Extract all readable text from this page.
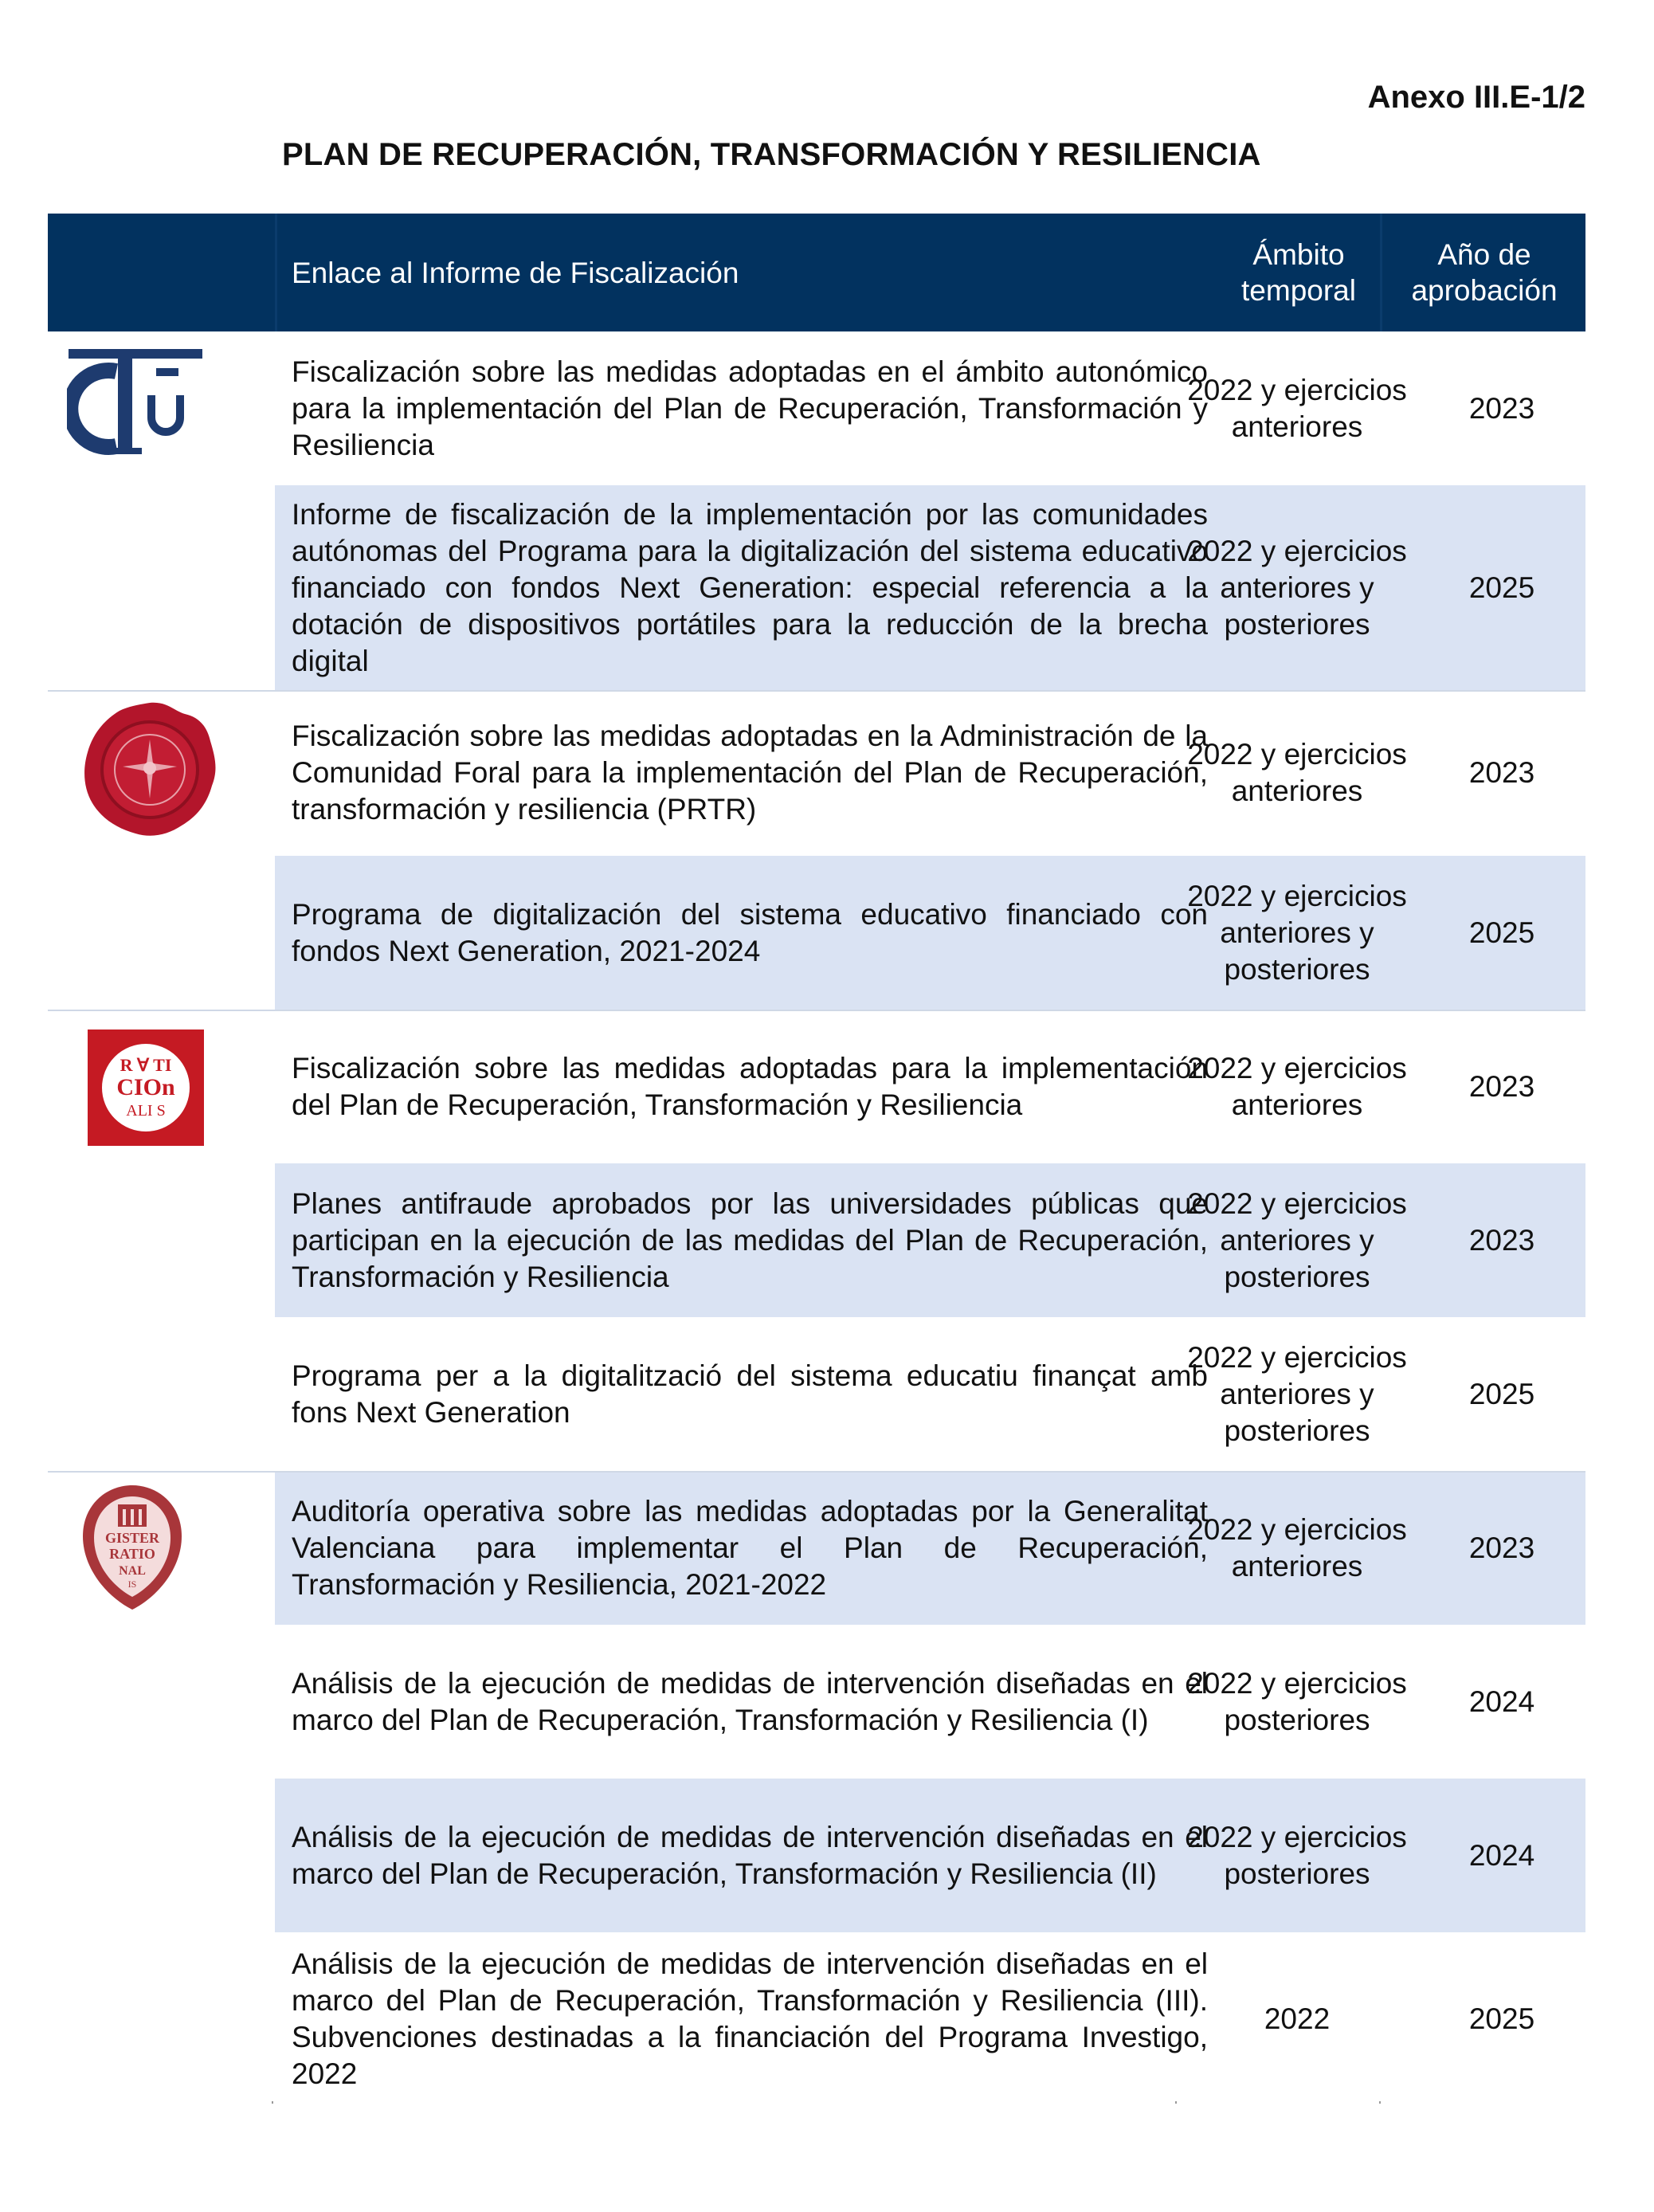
Anexo III.E-1/2
PLAN DE RECUPERACIÓN, TRANSFORMACIÓN Y RESILIENCIA
Enlace al Informe de Fiscalización
Ámbito temporal
Año de aprobación
Fiscalización sobre las medidas adoptadas en el ámbito autonómico para la implementación del Plan de Recuperación, Transformación y Resiliencia
2022 y ejercicios anteriores
2023
Informe de fiscalización de la implementación por las comunidades autónomas del Programa para la digitalización del sistema educativo financiado con fondos Next Generation: especial referencia a la dotación de dispositivos portátiles para la reducción de la brecha digital
2022 y ejercicios anteriores y posteriores
2025
Fiscalización sobre las medidas adoptadas en la Administración de la Comunidad Foral para la implementación del Plan de Recuperación, transformación y resiliencia (PRTR)
2022 y ejercicios anteriores
2023
Programa de digitalización del sistema educativo financiado con fondos Next Generation, 2021-2024
2022 y ejercicios anteriores y posteriores
2025
Fiscalización sobre las medidas adoptadas para la implementación del Plan de Recuperación, Transformación y Resiliencia
2022 y ejercicios anteriores
2023
Planes antifraude aprobados por las universidades públicas que participan en la ejecución de las medidas del Plan de Recuperación, Transformación y Resiliencia
2022 y ejercicios anteriores y posteriores
2023
Programa per a la digitalització del sistema educatiu finançat amb fons Next Generation
2022 y ejercicios anteriores y posteriores
2025
Auditoría operativa sobre las medidas adoptadas por la Generalitat Valenciana para implementar el Plan de Recuperación, Transformación y Resiliencia, 2021-2022
2022 y ejercicios anteriores
2023
Análisis de la ejecución de medidas de intervención diseñadas en el marco del Plan de Recuperación, Transformación y Resiliencia (I)
2022 y ejercicios posteriores
2024
Análisis de la ejecución de medidas de intervención diseñadas en el marco del Plan de Recuperación, Transformación y Resiliencia (II)
2022 y ejercicios posteriores
2024
Análisis de la ejecución de medidas de intervención diseñadas en el marco del Plan de Recuperación, Transformación y Resiliencia (III). Subvenciones destinadas a la financiación del Programa Investigo, 2022
2022	2025
R ∀ TI
CIOn
ALI S
GISTER
RATIO
NAL
IS
